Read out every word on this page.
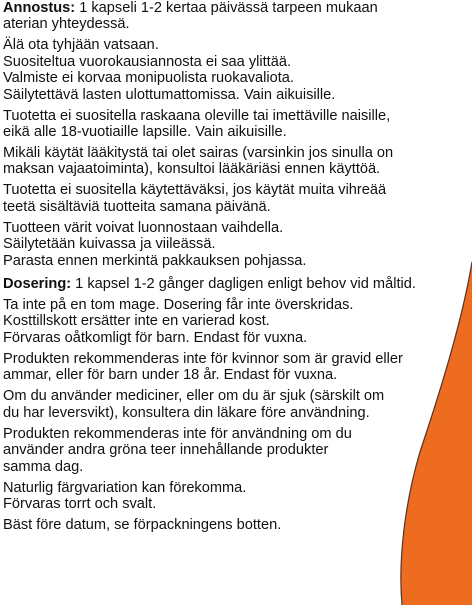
Annostus: 1 kapseli 1-2 kertaa päivässä tarpeen mukaan
aterian yhteydessä.
Älä ota tyhjään vatsaan.
Suositeltua vuorokausiannosta ei saa ylittää.
Valmiste ei korvaa monipuolista ruokavaliota.
Säilytettävä lasten ulottumattomissa. Vain aikuisille.
Tuotetta ei suositella raskaana oleville tai imettäville naisille,
eikä alle 18-vuotiaille lapsille. Vain aikuisille.
Mikäli käytät lääkitystä tai olet sairas (varsinkin jos sinulla on
maksan vajaatoiminta), konsultoi lääkäriäsi ennen käyttöä.
Tuotetta ei suositella käytettäväksi, jos käytät muita vihreää
teetä sisältäviä tuotteita samana päivänä.
Tuotteen värit voivat luonnostaan vaihdella.
Säilytetään kuivassa ja viileässä.
Parasta ennen merkintä pakkauksen pohjassa.
Dosering: 1 kapsel 1-2 gånger dagligen enligt behov vid måltid.
Ta inte på en tom mage. Dosering får inte överskridas.
Kosttillskott ersätter inte en varierad kost.
Förvaras oåtkomligt för barn. Endast för vuxna.
Produkten rekommenderas inte för kvinnor som är gravid eller
ammar, eller för barn under 18 år. Endast för vuxna.
Om du använder mediciner, eller om du är sjuk (särskilt om
du har leversvikt), konsultera din läkare före användning.
Produkten rekommenderas inte för användning om du
använder andra gröna teer innehållande produkter
samma dag.
Naturlig färgvariation kan förekomma.
Förvaras torrt och svalt.
Bäst före datum, se förpackningens botten.
